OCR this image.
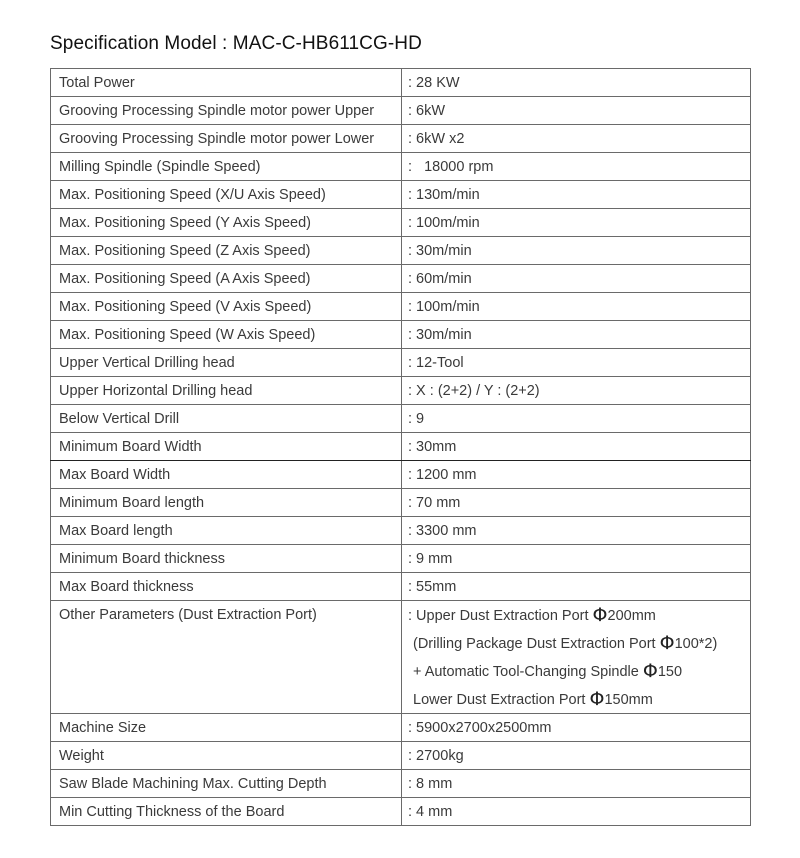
Specification Model : MAC-C-HB611CG-HD
Total Power	: 28 KW
Grooving Processing Spindle motor power Upper	: 6kW
Grooving Processing Spindle motor power Lower	: 6kW x2
Milling Spindle (Spindle Speed)	:   18000 rpm
Max. Positioning Speed (X/U Axis Speed)	: 130m/min
Max. Positioning Speed (Y Axis Speed)	: 100m/min
Max. Positioning Speed (Z Axis Speed)	: 30m/min
Max. Positioning Speed (A Axis Speed)	: 60m/min
Max. Positioning Speed (V Axis Speed)	: 100m/min
Max. Positioning Speed (W Axis Speed)	: 30m/min
Upper Vertical Drilling head	: 12-Tool
Upper Horizontal Drilling head	: X : (2+2) / Y : (2+2)
Below Vertical Drill	: 9
Minimum Board Width	: 30mm
Max Board Width	: 1200 mm
Minimum Board length	: 70 mm
Max Board length	: 3300 mm
Minimum Board thickness	: 9 mm
Max Board thickness	: 55mm

Other Parameters (Dust Extraction Port)	: Upper Dust Extraction Port Φ200mm
(Drilling Package Dust Extraction Port Φ100*2)
+ Automatic Tool-Changing Spindle Φ150
Lower Dust Extraction Port Φ150mm

Machine Size	: 5900x2700x2500mm
Weight	: 2700kg
Saw Blade Machining Max. Cutting Depth	: 8 mm
Min Cutting Thickness of the Board	: 4 mm
